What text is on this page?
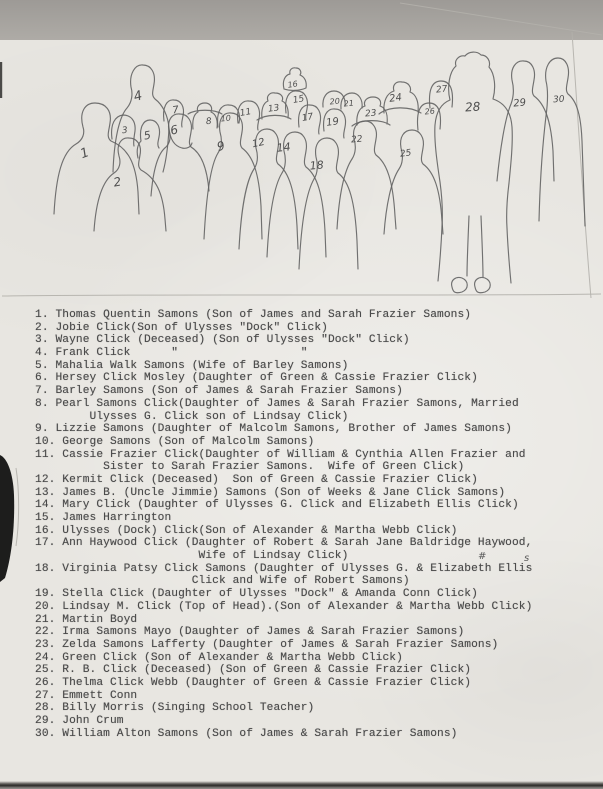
1
2
3
4
5 6
7
8
9
10 11
12
13
14
15
16
17
18
19
20 21
22
23
24
25
26
27
28	29	30
1. Thomas Quentin Samons (Son of James and Sarah Frazier Samons)
2. Jobie Click(Son of Ulysses "Dock" Click)
3. Wayne Click (Deceased) (Son of Ulysses "Dock" Click)
4. Frank Click      "                  "
5. Mahalia Walk Samons (Wife of Barley Samons)
6. Hersey Click Mosley (Daughter of Green & Cassie Frazier Click)
7. Barley Samons (Son of James & Sarah Frazier Samons)
8. Pearl Samons Click(Daughter of James & Sarah Frazier Samons, Married
Ulysses G. Click son of Lindsay Click)
9. Lizzie Samons (Daughter of Malcolm Samons, Brother of James Samons)
10. George Samons (Son of Malcolm Samons)
11. Cassie Frazier Click(Daughter of William & Cynthia Allen Frazier and
Sister to Sarah Frazier Samons.  Wife of Green Click)
12. Kermit Click (Deceased)  Son of Green & Cassie Frazier Click)
13. James B. (Uncle Jimmie) Samons (Son of Weeks & Jane Click Samons)
14. Mary Click (Daughter of Ulysses G. Click and Elizabeth Ellis Click)
15. James Harrington
16. Ulysses (Dock) Click(Son of Alexander & Martha Webb Click)
17. Ann Haywood Click (Daughter of Robert & Sarah Jane Baldridge Haywood,
Wife of Lindsay Click)
18. Virginia Patsy Click Samons (Daughter of Ulysses G. & Elizabeth Ellis
Click and Wife of Robert Samons)
19. Stella Click (Daughter of Ulysses "Dock" & Amanda Conn Click)
20. Lindsay M. Click (Top of Head).(Son of Alexander & Martha Webb Click)
21. Martin Boyd
22. Irma Samons Mayo (Daughter of James & Sarah Frazier Samons)
23. Zelda Samons Lafferty (Daughter of James & Sarah Frazier Samons)
24. Green Click (Son of Alexander & Martha Webb Click)
25. R. B. Click (Deceased) (Son of Green & Cassie Frazier Click)
26. Thelma Click Webb (Daughter of Green & Cassie Frazier Click)
27. Emmett Conn
28. Billy Morris (Singing School Teacher)
29. John Crum
30. William Alton Samons (Son of James & Sarah Frazier Samons)
#	s
